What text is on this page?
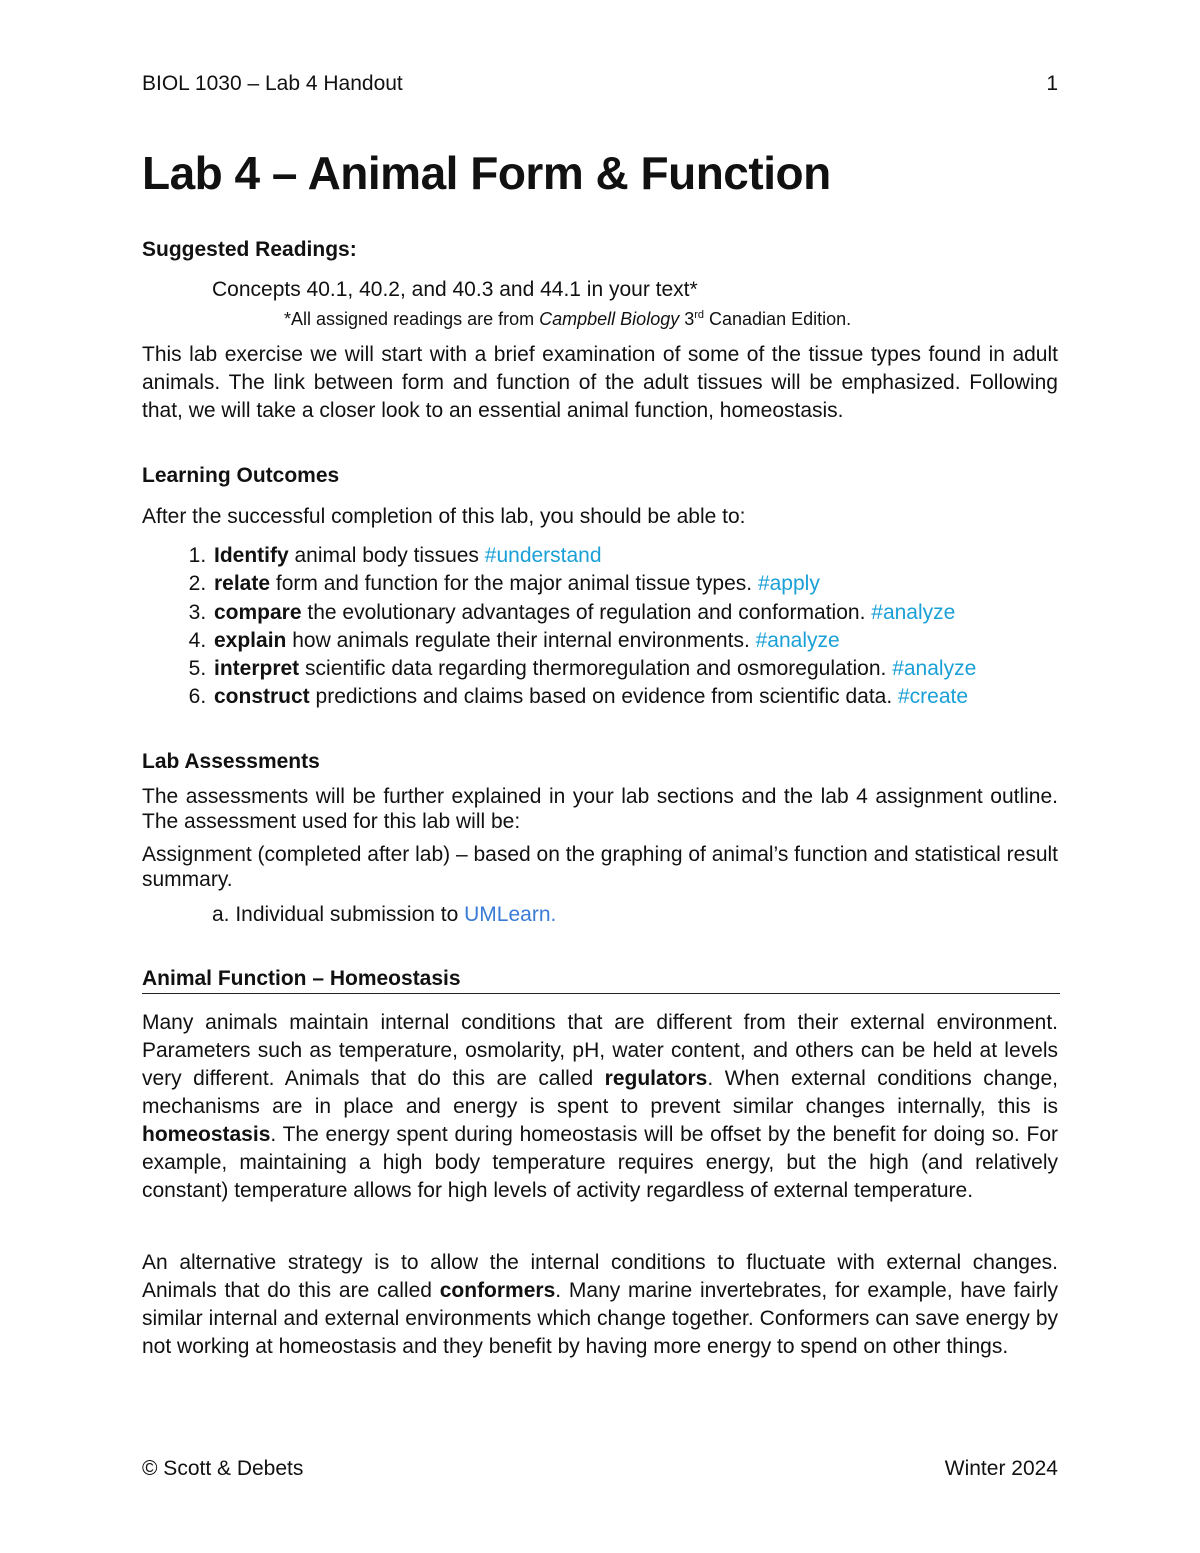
BIOL 1030 – Lab 4 Handout	1
Lab 4 – Animal Form & Function
Suggested Readings:
Concepts 40.1, 40.2, and 40.3 and 44.1 in your text*
*All assigned readings are from Campbell Biology 3rd Canadian Edition.

This lab exercise we will start with a brief examination of some of the tissue types found in adult animals. The link between form and function of the adult tissues will be emphasized. Following that, we will take a closer look to an essential animal function, homeostasis.

Learning Outcomes
After the successful completion of this lab, you should be able to:
1. Identify animal body tissues #understand
2. relate form and function for the major animal tissue types. #apply
3. compare the evolutionary advantages of regulation and conformation. #analyze
4. explain how animals regulate their internal environments. #analyze
5. interpret scientific data regarding thermoregulation and osmoregulation. #analyze
6. construct predictions and claims based on evidence from scientific data. #create
Lab Assessments

The assessments will be further explained in your lab sections and the lab 4 assignment outline. The assessment used for this lab will be:

Assignment (completed after lab) – based on the graphing of animal’s function and statistical result summary.

a. Individual submission to UMLearn.
Animal Function – Homeostasis

Many animals maintain internal conditions that are different from their external environment. Parameters such as temperature, osmolarity, pH, water content, and others can be held at levels very different. Animals that do this are called regulators. When external conditions change, mechanisms are in place and energy is spent to prevent similar changes internally, this is homeostasis. The energy spent during homeostasis will be offset by the benefit for doing so. For example, maintaining a high body temperature requires energy, but the high (and relatively constant) temperature allows for high levels of activity regardless of external temperature.

An alternative strategy is to allow the internal conditions to fluctuate with external changes. Animals that do this are called conformers. Many marine invertebrates, for example, have fairly similar internal and external environments which change together. Conformers can save energy by not working at homeostasis and they benefit by having more energy to spend on other things.

© Scott & Debets	Winter 2024
